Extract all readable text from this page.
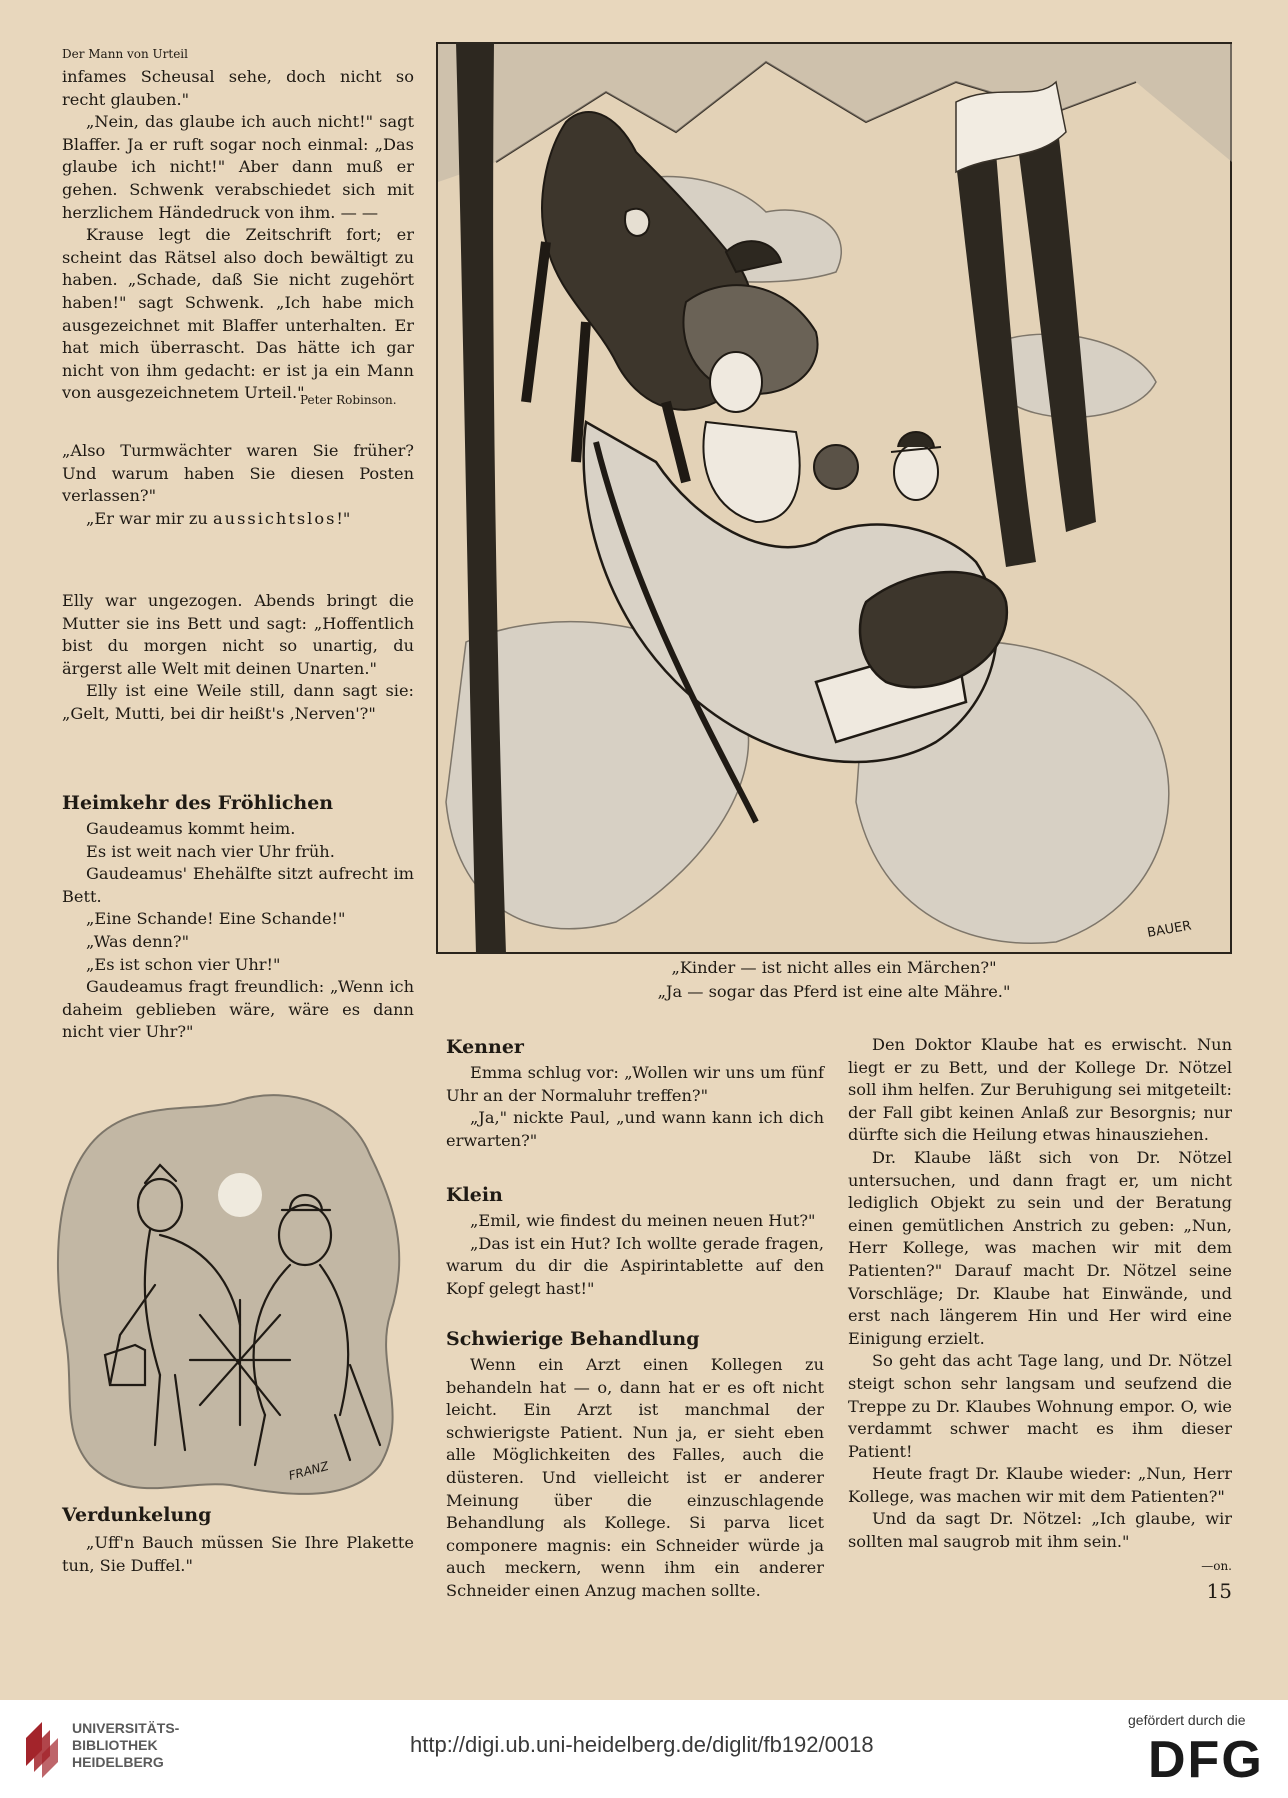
Der Mann von Urteil

infames Scheusal sehe, doch nicht so recht glauben."

„Nein, das glaube ich auch nicht!" sagt Blaffer. Ja er ruft sogar noch einmal: „Das glaube ich nicht!" Aber dann muß er gehen. Schwenk verabschiedet sich mit herzlichem Händedruck von ihm. — —

Krause legt die Zeitschrift fort; er scheint das Rätsel also doch bewältigt zu haben. „Schade, daß Sie nicht zugehört haben!" sagt Schwenk. „Ich habe mich ausgezeichnet mit Blaffer unterhalten. Er hat mich überrascht. Das hätte ich gar nicht von ihm gedacht: er ist ja ein Mann von ausgezeichnetem Urteil."

Peter Robinson.

„Also Turmwächter waren Sie früher? Und warum haben Sie diesen Posten verlassen?"

„Er war mir zu aussichtslos!"

Elly war ungezogen. Abends bringt die Mutter sie ins Bett und sagt: „Hoffentlich bist du morgen nicht so unartig, du ärgerst alle Welt mit deinen Unarten."

Elly ist eine Weile still, dann sagt sie: „Gelt, Mutti, bei dir heißt's ‚Nerven'?"

Heimkehr des Fröhlichen

Gaudeamus kommt heim.

Es ist weit nach vier Uhr früh.

Gaudeamus' Ehehälfte sitzt aufrecht im Bett.

„Eine Schande! Eine Schande!"

„Was denn?"

„Es ist schon vier Uhr!"

Gaudeamus fragt freundlich: „Wenn ich daheim geblieben wäre, wäre es dann nicht vier Uhr?"

FRANZ
Verdunkelung

„Uff'n Bauch müssen Sie Ihre Plakette tun, Sie Duffel."

BAUER
„Kinder — ist nicht alles ein Märchen?"
„Ja — sogar das Pferd ist eine alte Mähre."
Kenner

Emma schlug vor: „Wollen wir uns um fünf Uhr an der Normaluhr treffen?"

„Ja," nickte Paul, „und wann kann ich dich erwarten?"

Klein

„Emil, wie findest du meinen neuen Hut?"

„Das ist ein Hut? Ich wollte gerade fragen, warum du dir die Aspirintablette auf den Kopf gelegt hast!"

Schwierige Behandlung

Wenn ein Arzt einen Kollegen zu behandeln hat — o, dann hat er es oft nicht leicht. Ein Arzt ist manchmal der schwierigste Patient. Nun ja, er sieht eben alle Möglichkeiten des Falles, auch die düsteren. Und vielleicht ist er anderer Meinung über die einzuschlagende Behandlung als Kollege. Si parva licet componere magnis: ein Schneider würde ja auch meckern, wenn ihm ein anderer Schneider einen Anzug machen sollte.

Den Doktor Klaube hat es erwischt. Nun liegt er zu Bett, und der Kollege Dr. Nötzel soll ihm helfen. Zur Beruhigung sei mitgeteilt: der Fall gibt keinen Anlaß zur Besorgnis; nur dürfte sich die Heilung etwas hinausziehen.

Dr. Klaube läßt sich von Dr. Nötzel untersuchen, und dann fragt er, um nicht lediglich Objekt zu sein und der Beratung einen gemütlichen Anstrich zu geben: „Nun, Herr Kollege, was machen wir mit dem Patienten?" Darauf macht Dr. Nötzel seine Vorschläge; Dr. Klaube hat Einwände, und erst nach längerem Hin und Her wird eine Einigung erzielt.

So geht das acht Tage lang, und Dr. Nötzel steigt schon sehr langsam und seufzend die Treppe zu Dr. Klaubes Wohnung empor. O, wie verdammt schwer macht es ihm dieser Patient!

Heute fragt Dr. Klaube wieder: „Nun, Herr Kollege, was machen wir mit dem Patienten?"

Und da sagt Dr. Nötzel: „Ich glaube, wir sollten mal saugrob mit ihm sein."

—on.
15
UNIVERSITÄTS-
BIBLIOTHEK
HEIDELBERG
http://digi.ub.uni-heidelberg.de/diglit/fb192/0018
gefördert durch die
DFG
